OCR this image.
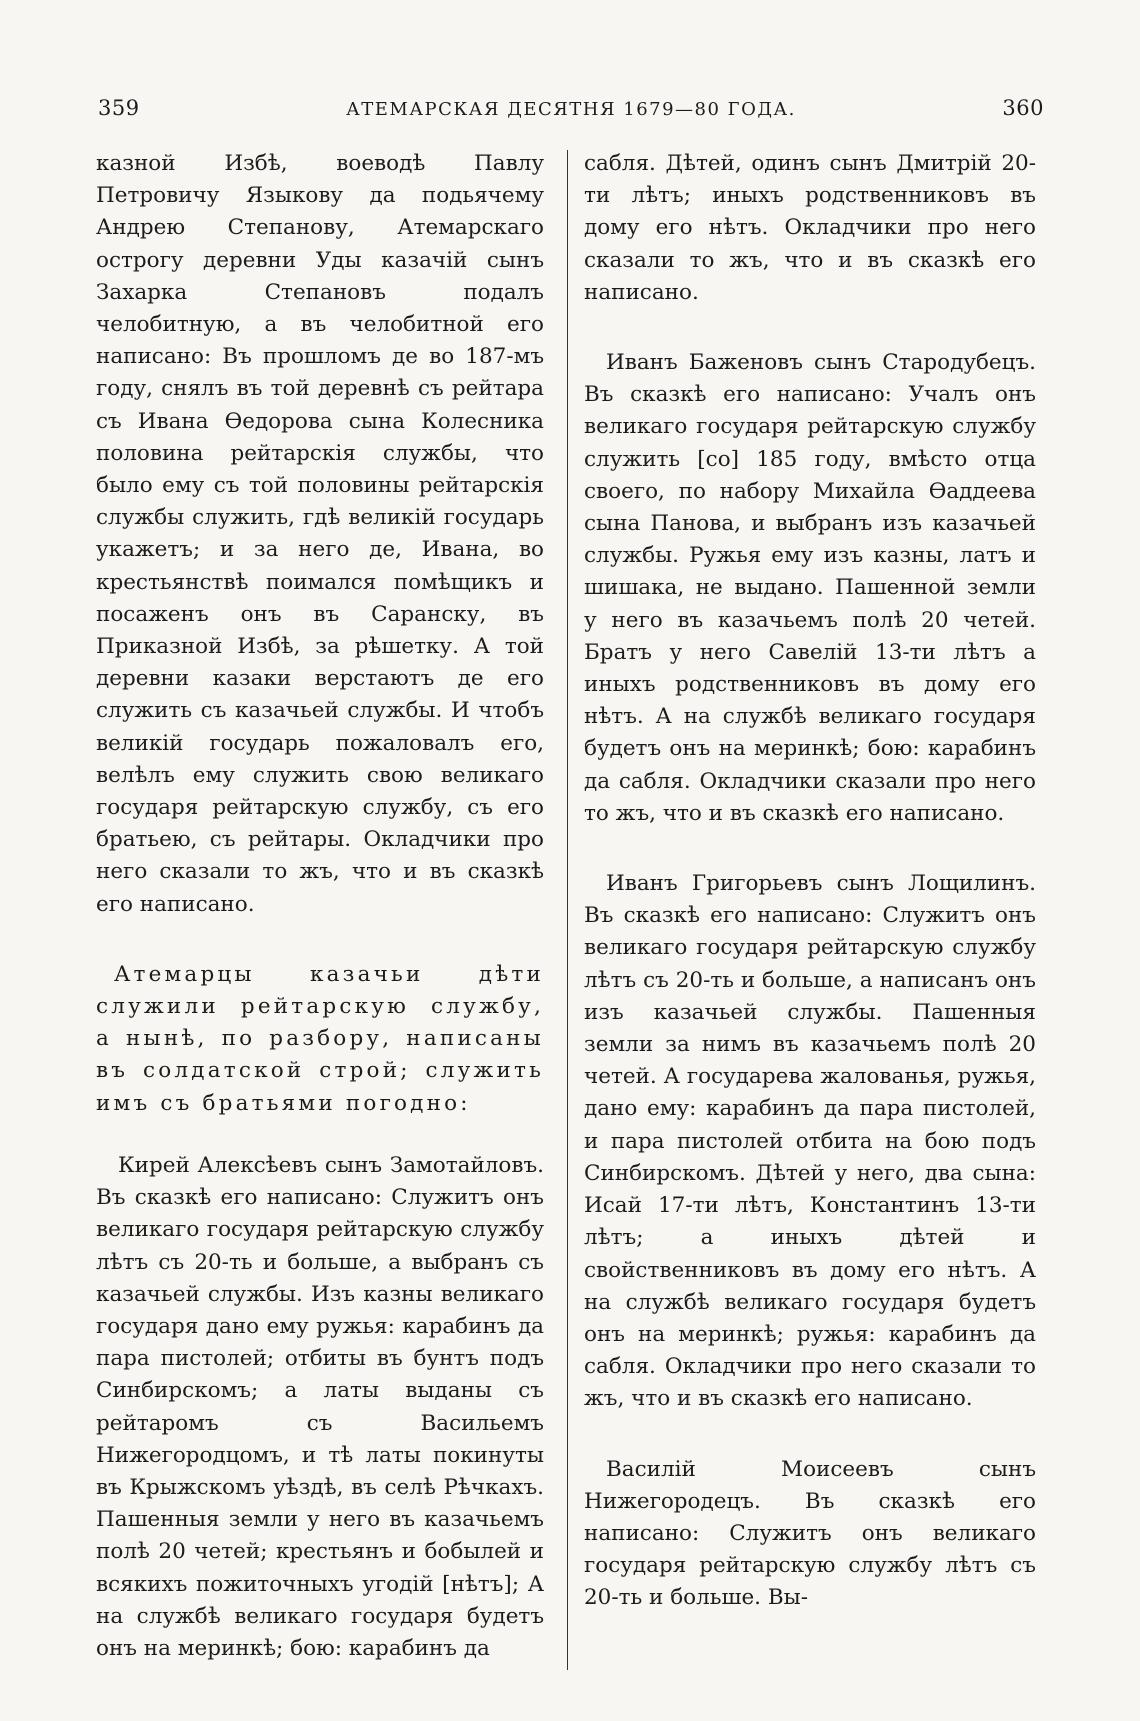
359	АТЕМАРСКАЯ ДЕСЯТНЯ 1679—80 ГОДА.	360

казной Избѣ, воеводѣ Павлу Петровичу Языкову да подьячему Андрею Степанову, Атемарскаго острогу деревни Уды казачій сынъ Захарка Степановъ подалъ челобитную, а въ челобитной его написано: Въ прошломъ де во 187-мъ году, снялъ въ той деревнѣ съ рейтара съ Ивана Ѳедорова сына Колесника половина рейтарскія службы, что было ему съ той половины рейтарскія службы служить, гдѣ великій государь укажетъ; и за него де, Ивана, во крестьянствѣ поимался помѣщикъ и посаженъ онъ въ Саранску, въ Приказной Избѣ, за рѣшетку. А той деревни казаки верстаютъ де его служить съ казачьей службы. И чтобъ великій государь пожаловалъ его, велѣлъ ему служить свою великаго государя рейтарскую службу, съ его братьею, съ рейтары. Окладчики про него сказали то жъ, что и въ сказкѣ его написано.

Атемарцы казачьи дѣти служили рейтарскую службу, а нынѣ, по разбору, написаны въ солдатской строй; служить имъ съ братьями погодно:

Кирей Алексѣевъ сынъ Замотайловъ. Въ сказкѣ его написано: Служитъ онъ великаго государя рейтарскую службу лѣтъ съ 20-ть и больше, а выбранъ съ казачьей службы. Изъ казны великаго государя дано ему ружья: карабинъ да пара пистолей; отбиты въ бунтъ подъ Синбирскомъ; а латы выданы съ рейтаромъ съ Васильемъ Нижегородцомъ, и тѣ латы покинуты въ Крыжскомъ уѣздѣ, въ селѣ Рѣчкахъ. Пашенныя земли у него въ казачьемъ полѣ 20 четей; крестьянъ и бобылей и всякихъ пожиточныхъ угодій [нѣтъ]; А на службѣ великаго государя будетъ онъ на меринкѣ; бою: карабинъ да

сабля. Дѣтей, одинъ сынъ Дмитрій 20-ти лѣтъ; иныхъ родственниковъ въ дому его нѣтъ. Окладчики про него сказали то жъ, что и въ сказкѣ его написано.

Иванъ Баженовъ сынъ Стародубецъ. Въ сказкѣ его написано: Учалъ онъ великаго государя рейтарскую службу служить [со] 185 году, вмѣсто отца своего, по набору Михайла Ѳаддеева сына Панова, и выбранъ изъ казачьей службы. Ружья ему изъ казны, латъ и шишака, не выдано. Пашенной земли у него въ казачьемъ полѣ 20 четей. Братъ у него Савелій 13-ти лѣтъ а иныхъ родственниковъ въ дому его нѣтъ. А на службѣ великаго государя будетъ онъ на меринкѣ; бою: карабинъ да сабля. Окладчики сказали про него то жъ, что и въ сказкѣ его написано.

Иванъ Григорьевъ сынъ Лощилинъ. Въ сказкѣ его написано: Служитъ онъ великаго государя рейтарскую службу лѣтъ съ 20-ть и больше, а написанъ онъ изъ казачьей службы. Пашенныя земли за нимъ въ казачьемъ полѣ 20 четей. А государева жалованья, ружья, дано ему: карабинъ да пара пистолей, и пара пистолей отбита на бою подъ Синбирскомъ. Дѣтей у него, два сына: Исай 17-ти лѣтъ, Константинъ 13-ти лѣтъ; а иныхъ дѣтей и свойственниковъ въ дому его нѣтъ. А на службѣ великаго государя будетъ онъ на меринкѣ; ружья: карабинъ да сабля. Окладчики про него сказали то жъ, что и въ сказкѣ его написано.

Василій Моисеевъ сынъ Нижегородецъ. Въ сказкѣ его написано: Служитъ онъ великаго государя рейтарскую службу лѣтъ съ 20-ть и больше. Вы-
